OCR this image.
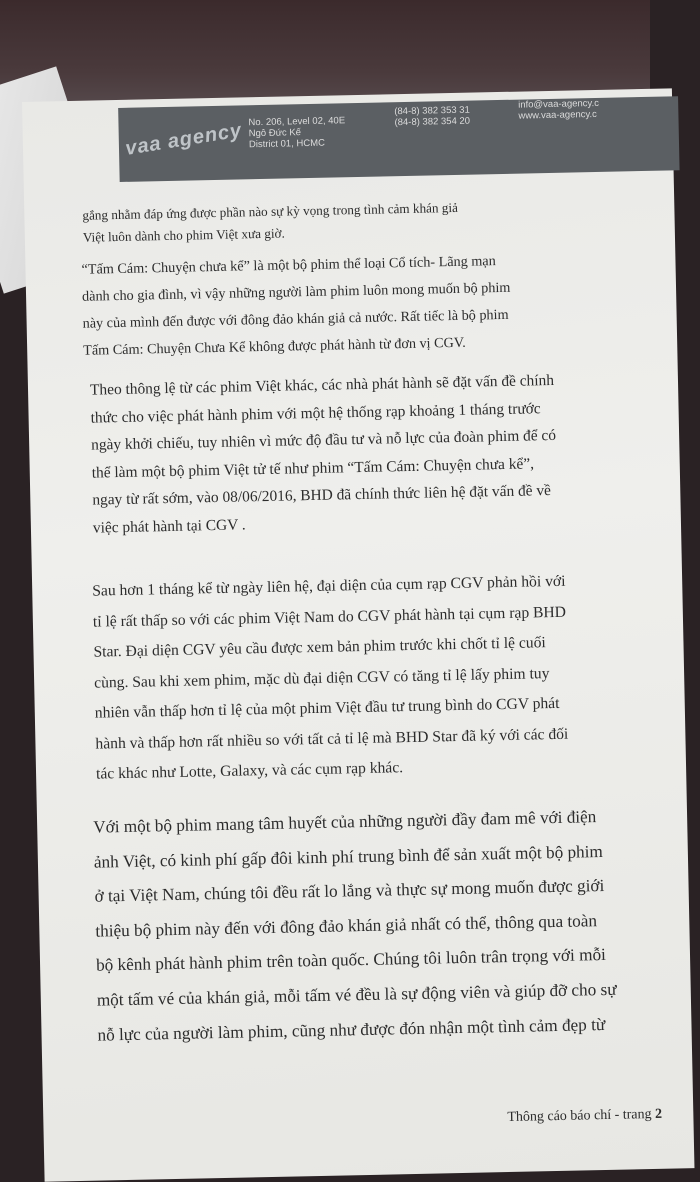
vaa agency No. 206, Level 02, 40E
Ngô Đức Kế
District 01, HCMC
(84-8) 382 353 31
(84-8) 382 354 20
info@vaa-agency.c
www.vaa-agency.c

gắng nhằm đáp ứng được phần nào sự kỳ vọng trong tình cảm khán giả
Việt luôn dành cho phim Việt xưa giờ.

“Tấm Cám: Chuyện chưa kể” là một bộ phim thể loại Cổ tích- Lãng mạn
dành cho gia đình, vì vậy những người làm phim luôn mong muốn bộ phim
này của mình đến được với đông đảo khán giả cả nước. Rất tiếc là bộ phim
Tấm Cám: Chuyện Chưa Kể không được phát hành từ đơn vị CGV.

Theo thông lệ từ các phim Việt khác, các nhà phát hành sẽ đặt vấn đề chính
thức cho việc phát hành phim với một hệ thống rạp khoảng 1 tháng trước
ngày khởi chiếu, tuy nhiên vì mức độ đầu tư và nỗ lực của đoàn phim để có
thể làm một bộ phim Việt tử tế như phim “Tấm Cám: Chuyện chưa kể”,
ngay từ rất sớm, vào 08/06/2016, BHD đã chính thức liên hệ đặt vấn đề về
việc phát hành tại CGV .

Sau hơn 1 tháng kể từ ngày liên hệ, đại diện của cụm rạp CGV phản hồi với
tỉ lệ rất thấp so với các phim Việt Nam do CGV phát hành tại cụm rạp BHD
Star. Đại diện CGV yêu cầu được xem bản phim trước khi chốt tỉ lệ cuối
cùng. Sau khi xem phim, mặc dù đại diện CGV có tăng tỉ lệ lấy phim tuy
nhiên vẫn thấp hơn tỉ lệ của một phim Việt đầu tư trung bình do CGV phát
hành và thấp hơn rất nhiều so với tất cả tỉ lệ mà BHD Star đã ký với các đối
tác khác như Lotte, Galaxy, và các cụm rạp khác.

Với một bộ phim mang tâm huyết của những người đầy đam mê với điện
ảnh Việt, có kinh phí gấp đôi kinh phí trung bình để sản xuất một bộ phim
ở tại Việt Nam, chúng tôi đều rất lo lắng và thực sự mong muốn được giới
thiệu bộ phim này đến với đông đảo khán giả nhất có thể, thông qua toàn
bộ kênh phát hành phim trên toàn quốc. Chúng tôi luôn trân trọng với mỗi
một tấm vé của khán giả, mỗi tấm vé đều là sự động viên và giúp đỡ cho sự
nỗ lực của người làm phim, cũng như được đón nhận một tình cảm đẹp từ

Thông cáo báo chí - trang 2
